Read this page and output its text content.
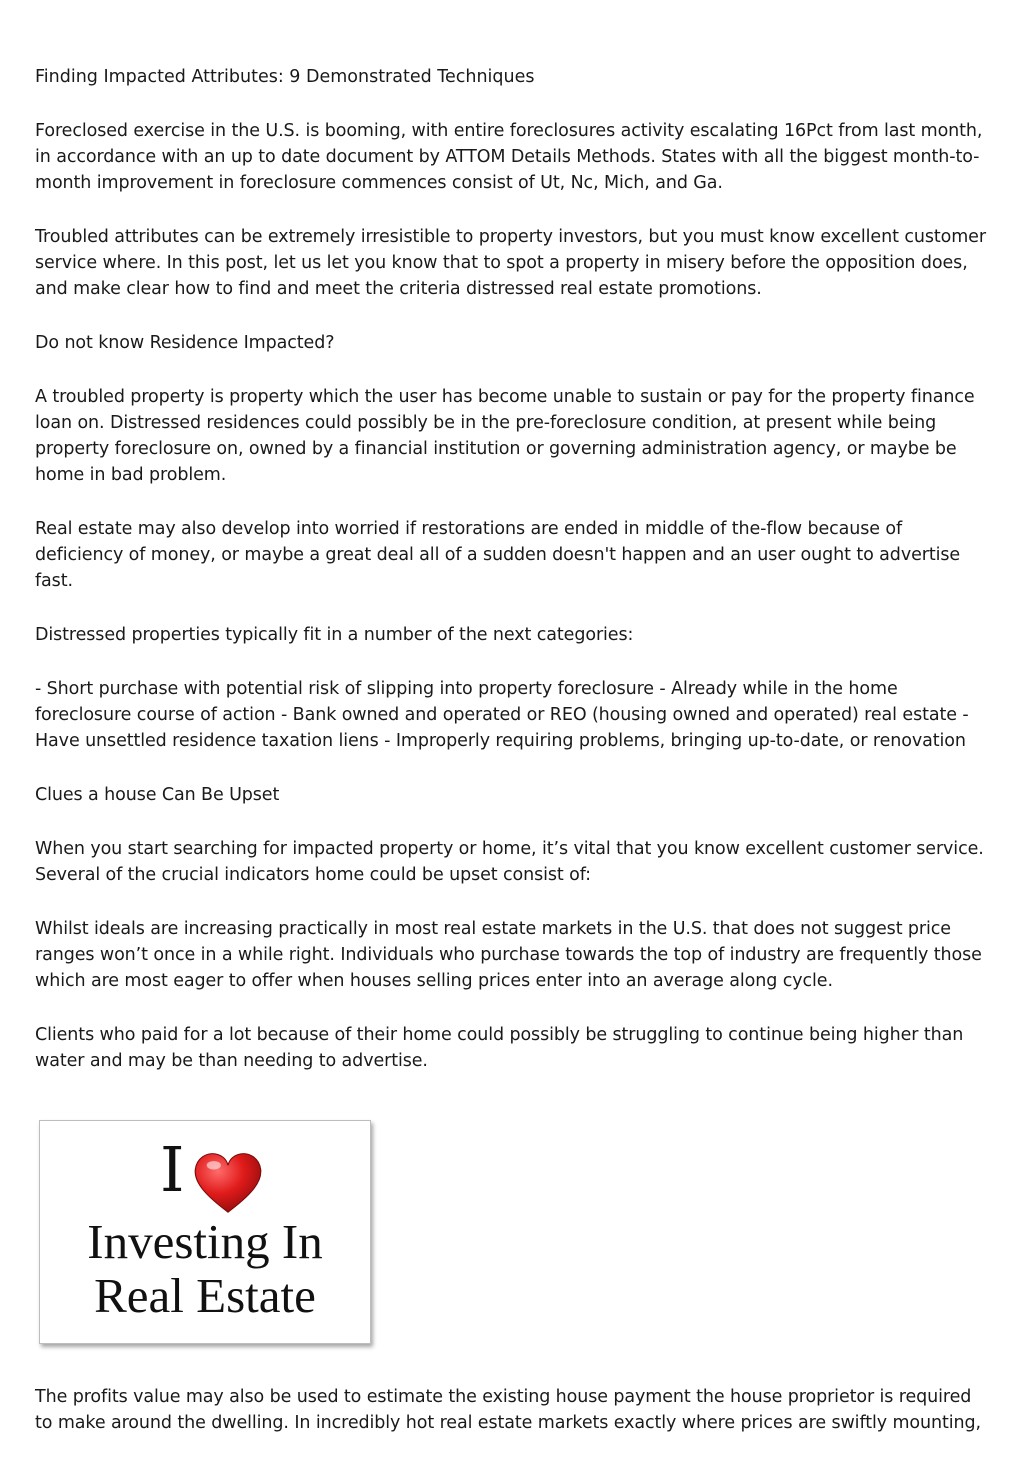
Finding Impacted Attributes: 9 Demonstrated Techniques

Foreclosed exercise in the U.S. is booming, with entire foreclosures activity escalating 16Pct from last month, in accordance with an up to date document by ATTOM Details Methods. States with all the biggest month-to-month improvement in foreclosure commences consist of Ut, Nc, Mich, and Ga.

Troubled attributes can be extremely irresistible to property investors, but you must know excellent customer service where. In this post, let us let you know that to spot a property in misery before the opposition does, and make clear how to find and meet the criteria distressed real estate promotions.

Do not know Residence Impacted?

A troubled property is property which the user has become unable to sustain or pay for the property finance loan on. Distressed residences could possibly be in the pre-foreclosure condition, at present while being property foreclosure on, owned by a financial institution or governing administration agency, or maybe be home in bad problem.

Real estate may also develop into worried if restorations are ended in middle of the-flow because of deficiency of money, or maybe a great deal all of a sudden doesn't happen and an user ought to advertise fast.

Distressed properties typically fit in a number of the next categories:

- Short purchase with potential risk of slipping into property foreclosure - Already while in the home foreclosure course of action - Bank owned and operated or REO (housing owned and operated) real estate - Have unsettled residence taxation liens - Improperly requiring problems, bringing up-to-date, or renovation

Clues a house Can Be Upset

When you start searching for impacted property or home, it’s vital that you know excellent customer service. Several of the crucial indicators home could be upset consist of:

Whilst ideals are increasing practically in most real estate markets in the U.S. that does not suggest price ranges won’t once in a while right. Individuals who purchase towards the top of industry are frequently those which are most eager to offer when houses selling prices enter into an average along cycle.

Clients who paid for a lot because of their home could possibly be struggling to continue being higher than water and may be than needing to advertise.

I
Investing In
Real Estate

The profits value may also be used to estimate the existing house payment the house proprietor is required to make around the dwelling. In incredibly hot real estate markets exactly where prices are swiftly mounting,
